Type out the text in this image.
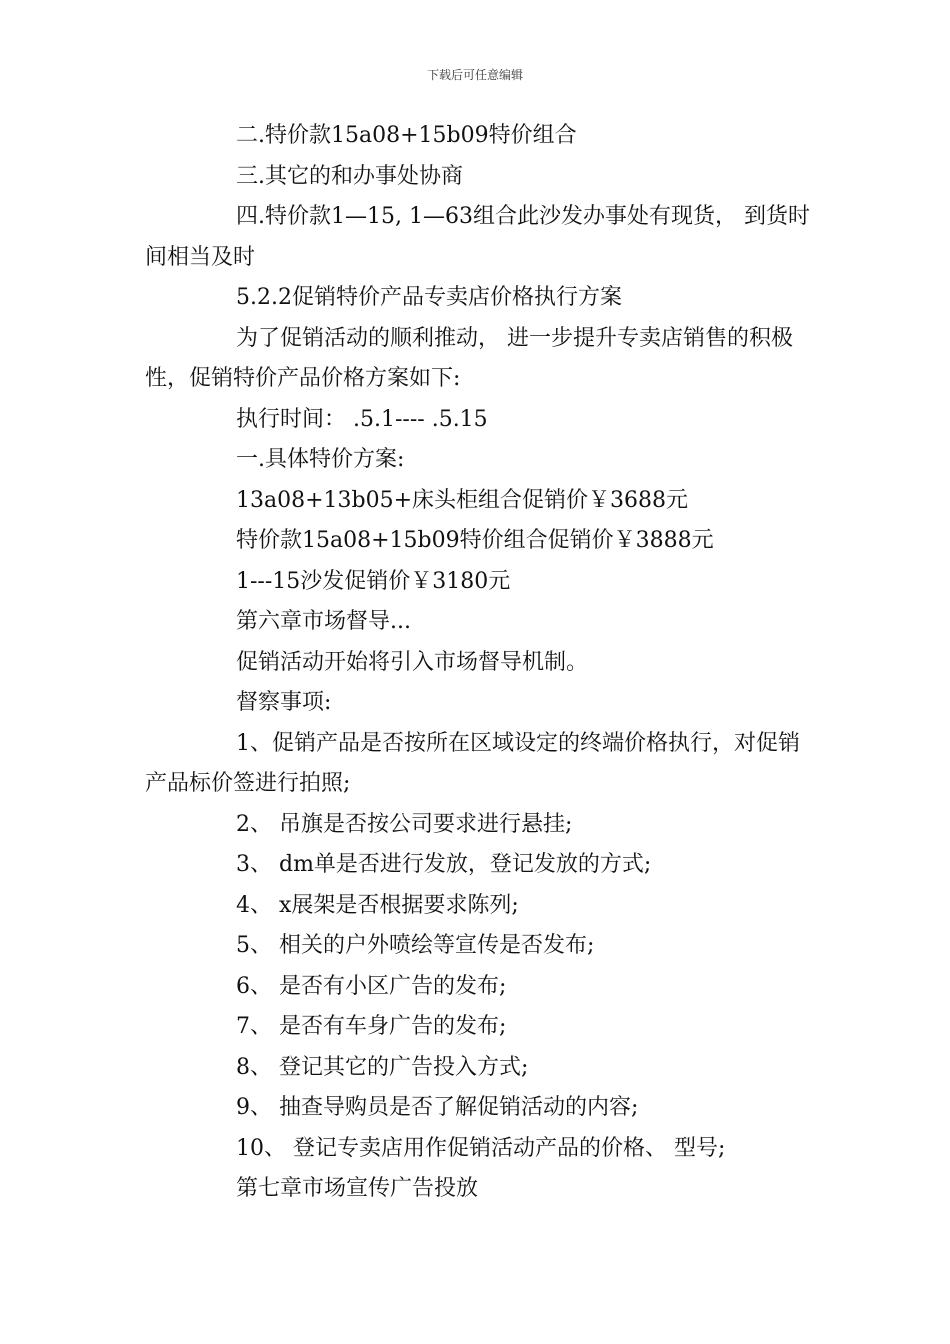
下载后可任意编辑

二.特价款15a08+15b09特价组合

三.其它的和办事处协商

四.特价款1—15, 1—63组合此沙发办事处有现货， 到货时间相当及时

5.2.2促销特价产品专卖店价格执行方案

为了促销活动的顺利推动， 进一步提升专卖店销售的积极性，促销特价产品价格方案如下:

执行时间： .5.1---- .5.15

一.具体特价方案:

13a08+13b05+床头柜组合促销价￥3688元

特价款15a08+15b09特价组合促销价￥3888元

1---15沙发促销价￥3180元

第六章市场督导...

促销活动开始将引入市场督导机制。

督察事项:

1、促销产品是否按所在区域设定的终端价格执行，对促销产品标价签进行拍照;

2、 吊旗是否按公司要求进行悬挂;

3、 dm单是否进行发放，登记发放的方式;

4、 x展架是否根据要求陈列;

5、 相关的户外喷绘等宣传是否发布;

6、 是否有小区广告的发布;

7、 是否有车身广告的发布;

8、 登记其它的广告投入方式;

9、 抽查导购员是否了解促销活动的内容;

10、 登记专卖店用作促销活动产品的价格、 型号;

第七章市场宣传广告投放
